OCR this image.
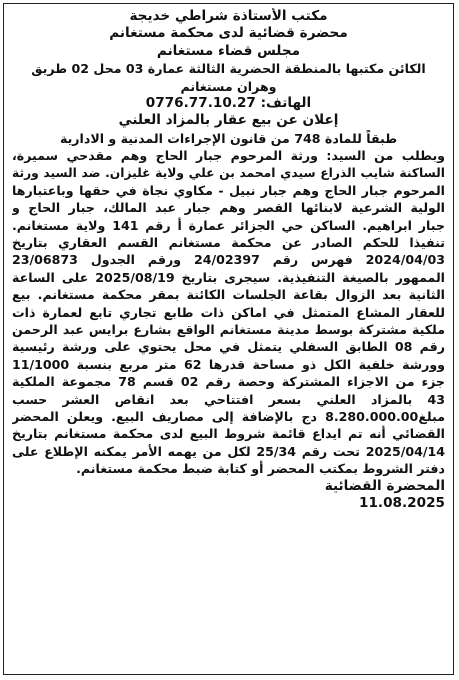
مكتب الأستاذة شراطي خديجة
محضرة قضائية لدى محكمة مستغانم
مجلس قضاء مستغانم
الكائن مكتبها بالمنطقة الحضرية الثالثة عمارة 03 محل 02 طريق
وهران مستغانم
الهاتف: 0776.77.10.27
إعلان عن بيع عقار بالمزاد العلني
طبقاً للمادة 748 من قانون الإجراءات المدنية و الادارية
وبطلب من السيد: ورثة المرحوم جبار الحاج وهم مقدحي سميرة،
الساكنة شايب الذراع سيدي امحمد بن علي ولاية غليزان. ضد السيد ورثة
المرحوم جبار الحاج وهم جبار نبيل - مكاوي نجاة في حقها وباعتبارها
الولية الشرعية لابنائها القصر وهم جبار عبد المالك، جبار الحاج و
جبار ابراهيم. الساكن حي الجزائر عمارة أ رقم 141 ولاية مستغانم.
تنفيذا للحكم الصادر عن محكمة مستغانم القسم العقاري بتاريخ
2024/04/03 فهرس رقم 24/02397 ورقم الجدول 23/06873
الممهور بالصيغة التنفيذية. سيجرى بتاريخ 2025/08/19 على الساعة
الثانية بعد الزوال بقاعة الجلسات الكائنة بمقر محكمة مستغانم. بيع
للعقار المشاع المتمثل في اماكن ذات طابع تجاري تابع لعمارة ذات
ملكية مشتركة بوسط مدينة مستغانم الواقع بشارع برايس عبد الرحمن
رقم 08 الطابق السفلي يتمثل في محل يحتوي على ورشة رئيسية
وورشة خلفية الكل ذو مساحة قدرها 62 متر مربع بنسبة 11/1000
جزء من الاجزاء المشتركة وحصة رقم 02 قسم 78 مجموعة الملكية
43 بالمزاد العلني بسعر افتتاحي بعد انقاص العشر حسب
مبلغ8.280.000.00 دج بالإضافة إلى مصاريف البيع. ويعلن المحضر
القضائي أنه تم ايداع قائمة شروط البيع لدى محكمة مستغانم بتاريخ
2025/04/14 تحت رقم 25/34 لكل من يهمه الأمر يمكنه الإطلاع على
دفتر الشروط بمكتب المحضر أو كتابة ضبط محكمة مستغانم.
المحضرة القضائية
11.08.2025
